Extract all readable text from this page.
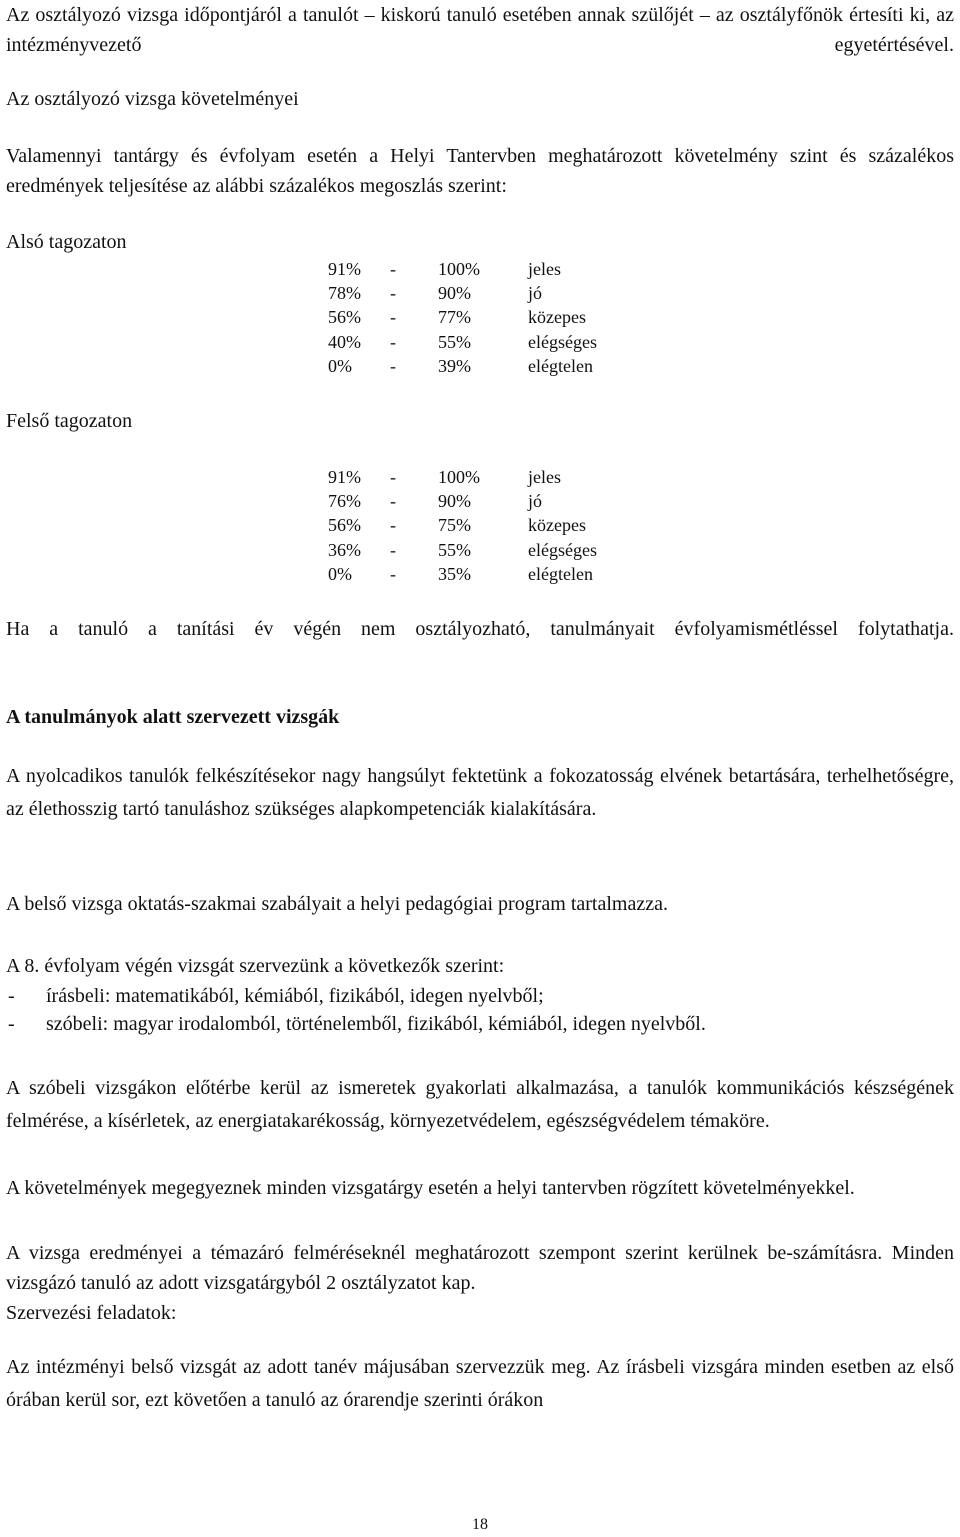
Az osztályozó vizsga időpontjáról a tanulót – kiskorú tanuló esetében annak szülőjét – az osztályfőnök értesíti ki, az intézményvezető egyetértésével.

Az osztályozó vizsga követelményei

Valamennyi tantárgy és évfolyam esetén a Helyi Tantervben meghatározott követelmény szint és százalékos eredmények teljesítése az alábbi százalékos megoszlás szerint:

Alsó tagozaton

91%	-	100%	jeles
78%	-	90%	jó
56%	-	77%	közepes
40%	-	55%	elégséges
0%	-	39%	elégtelen

Felső tagozaton

91%	-	100%	jeles
76%	-	90%	jó
56%	-	75%	közepes
36%	-	55%	elégséges
0%	-	35%	elégtelen

Ha a tanuló a tanítási év végén nem osztályozható, tanulmányait évfolyamismétléssel folytathatja.

A tanulmányok alatt szervezett vizsgák

A nyolcadikos tanulók felkészítésekor nagy hangsúlyt fektetünk a fokozatosság elvének betartására, terhelhetőségre, az élethosszig tartó tanuláshoz szükséges alapkompetenciák kialakítására.

A belső vizsga oktatás-szakmai szabályait a helyi pedagógiai program tartalmazza.

A 8. évfolyam végén vizsgát szervezünk a következők szerint:

- írásbeli: matematikából, kémiából, fizikából, idegen nyelvből;
- szóbeli: magyar irodalomból, történelemből, fizikából, kémiából, idegen nyelvből.

A szóbeli vizsgákon előtérbe kerül az ismeretek gyakorlati alkalmazása, a tanulók kommunikációs készségének felmérése, a kísérletek, az energiatakarékosság, környezetvédelem, egészségvédelem témaköre.

A követelmények megegyeznek minden vizsgatárgy esetén a helyi tantervben rögzített követelményekkel.

A vizsga eredményei a témazáró felméréseknél meghatározott szempont szerint kerülnek be-számításra. Minden vizsgázó tanuló az adott vizsgatárgyból 2 osztályzatot kap.

Szervezési feladatok:

Az intézményi belső vizsgát az adott tanév májusában szervezzük meg. Az írásbeli vizsgára minden esetben az első órában kerül sor, ezt követően a tanuló az órarendje szerinti órákon

18
